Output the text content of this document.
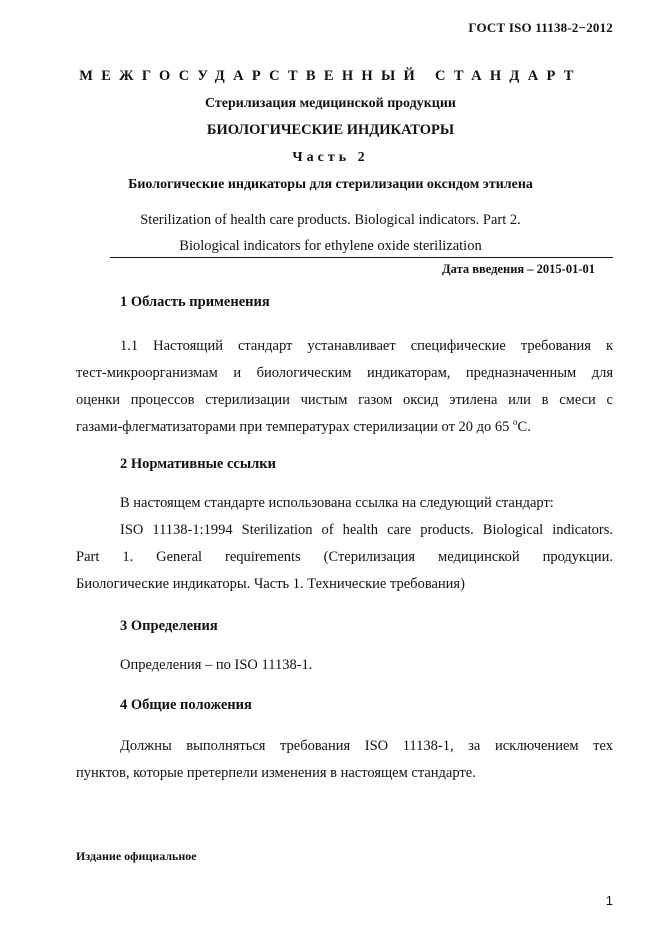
ГОСТ ISO 11138-2−2012
МЕЖГОСУДАРСТВЕННЫЙ СТАНДАРТ
Стерилизация медицинской продукции
БИОЛОГИЧЕСКИЕ ИНДИКАТОРЫ
Часть 2
Биологические индикаторы для стерилизации оксидом этилена
Sterilization of health care products. Biological indicators. Part 2.
Biological indicators for ethylene oxide sterilization
Дата введения – 2015-01-01
1 Область применения
1.1 Настоящий стандарт устанавливает специфические требования к
тест-микроорганизмам и биологическим индикаторам, предназначенным для
оценки процессов стерилизации чистым газом оксид этилена или в смеси с
газами-флегматизаторами при температурах стерилизации от 20 до 65 $^o$С.
2 Нормативные ссылки
В настоящем стандарте использована ссылка на следующий стандарт:
ISO 11138-1:1994 Sterilization of health care products. Biological indicators.
Part 1. General requirements (Стерилизация медицинской продукции.
Биологические индикаторы. Часть 1. Технические требования)
3 Определения
Определения – по ISO 11138-1.
4 Общие положения
Должны выполняться требования ISO 11138-1, за исключением тех
пунктов, которые претерпели изменения в настоящем стандарте.
Издание официальное
1
